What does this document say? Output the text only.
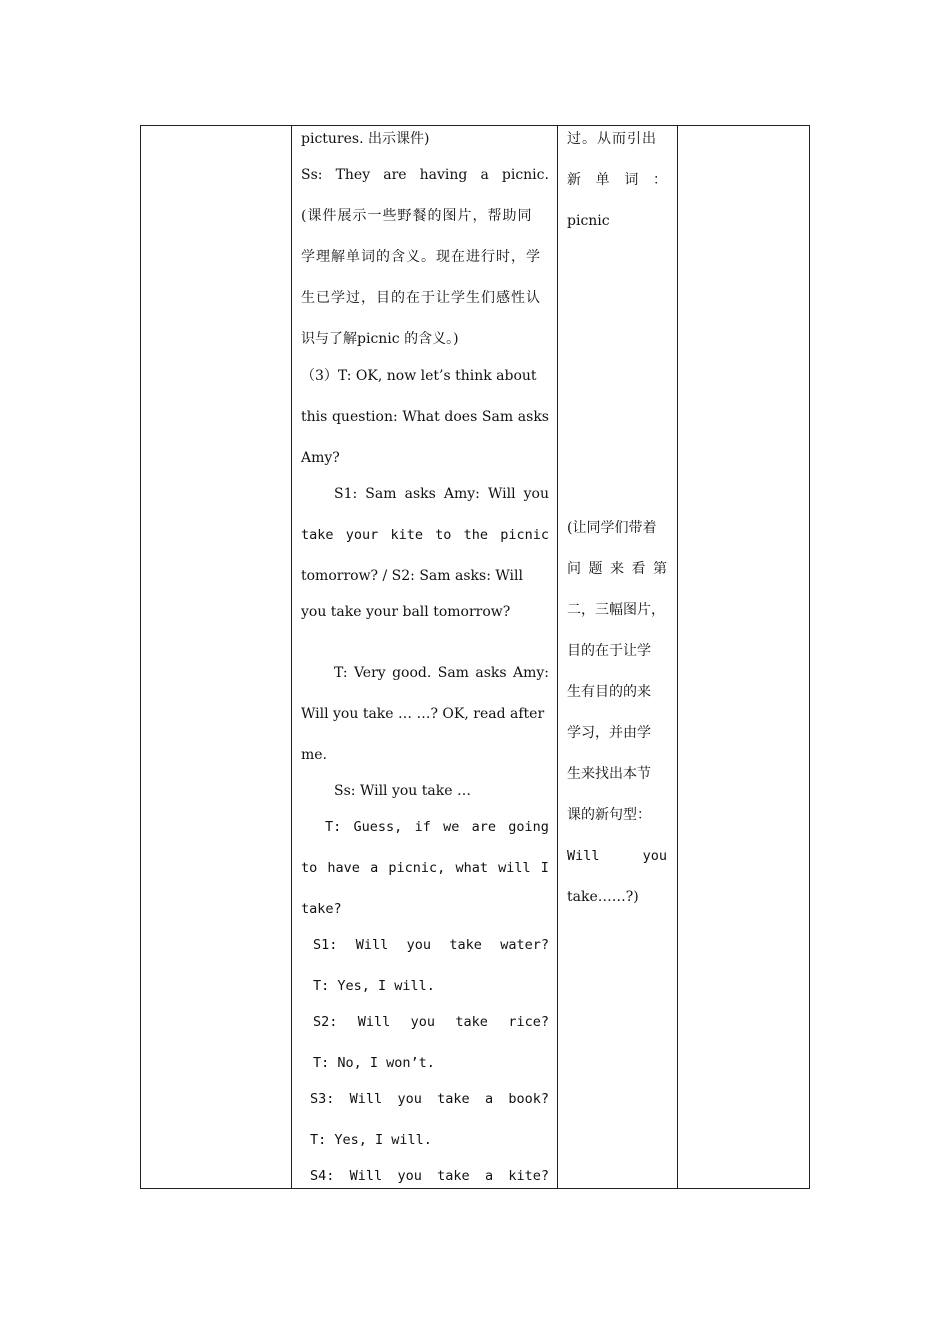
pictures. 出示课件)
Ss: They are having a picnic.
(课件展示一些野餐的图片，帮助同
学理解单词的含义。现在进行时，学
生已学过，目的在于让学生们感性认
识与了解picnic 的含义。)
（3）T: OK, now let’s think about
this question: What does Sam asks
Amy?
S1: Sam asks Amy: Will you
take your kite to the picnic
tomorrow? / S2: Sam asks: Will
you take your ball tomorrow?
T: Very good. Sam asks Amy:
Will you take … …? OK, read after
me.
Ss: Will you take …
T: Guess, if we are going
to have a picnic, what will I
take?
S1: Will you take water?
T: Yes, I will.
S2: Will you take rice?
T: No, I won’t.
S3: Will you take a book?
T: Yes, I will.
S4: Will you take a kite?
过。从而引出
新 单 词 ：
picnic
(让同学们带着
问 题 来 看 第
二，三幅图片，
目的在于让学
生有目的的来
学习，并由学
生来找出本节
课的新句型：
Will	you
take……?)
